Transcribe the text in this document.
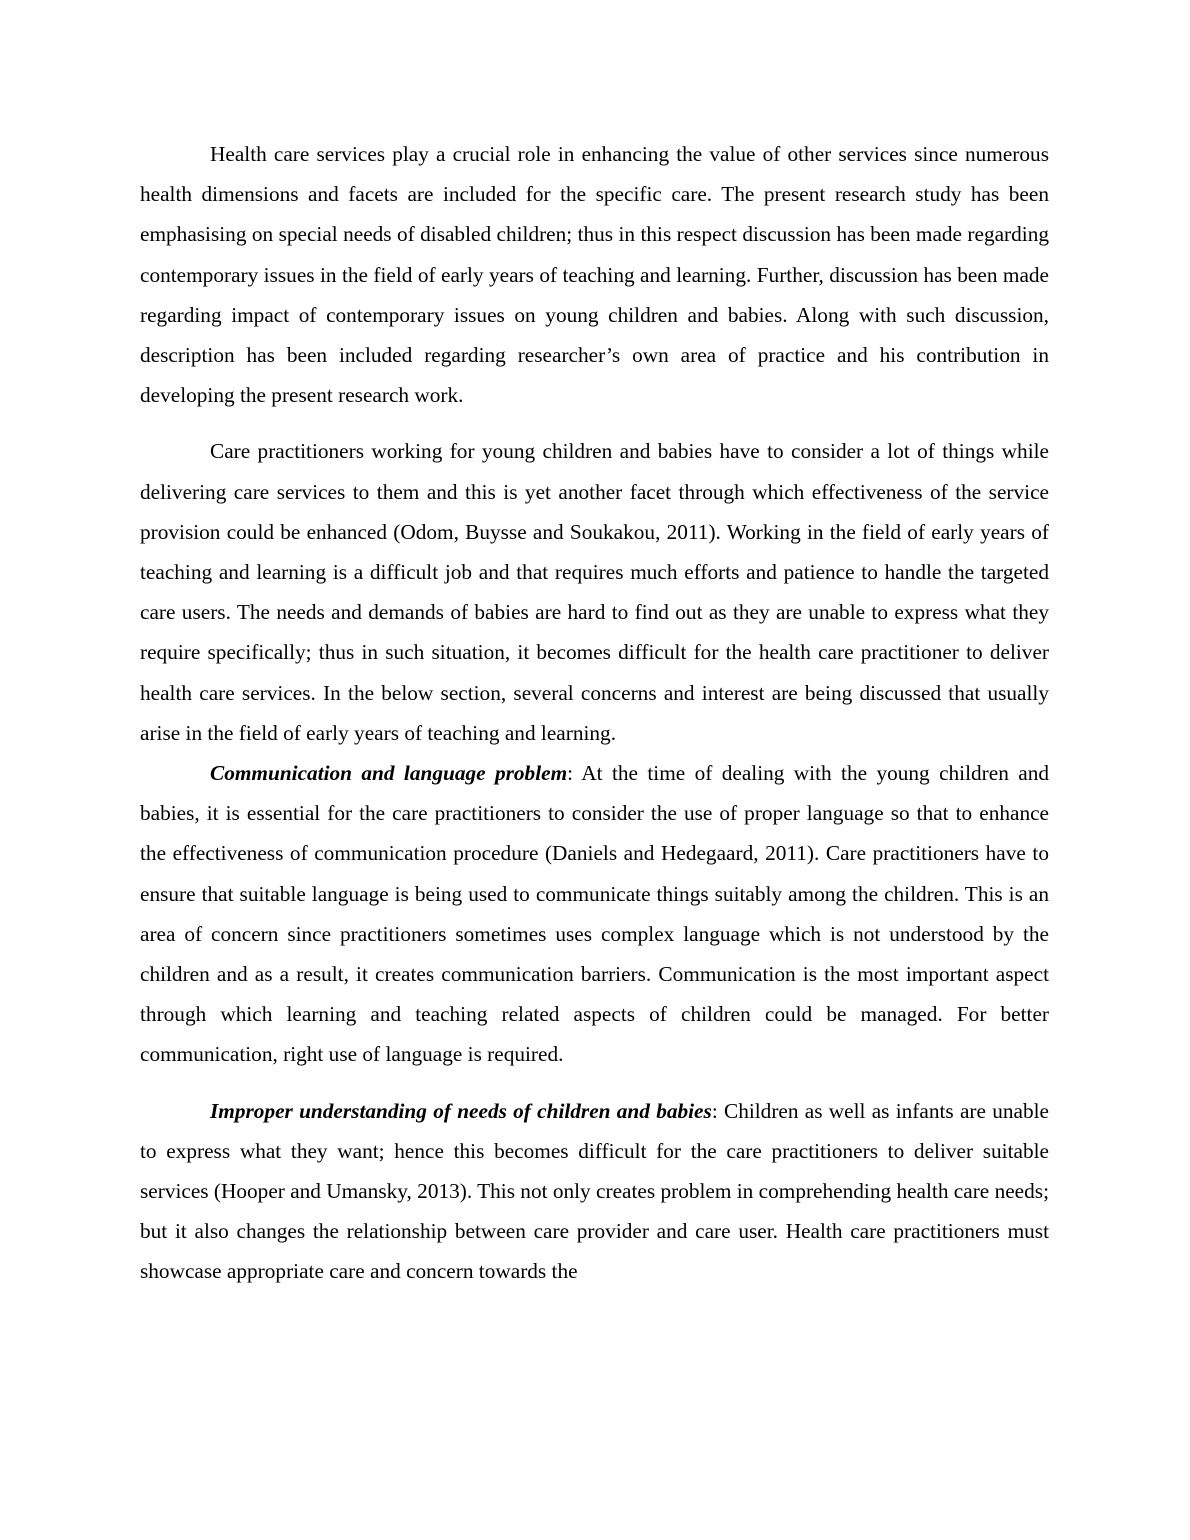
Health care services play a crucial role in enhancing the value of other services since numerous health dimensions and facets are included for the specific care. The present research study has been emphasising on special needs of disabled children; thus in this respect discussion has been made regarding contemporary issues in the field of early years of teaching and learning. Further, discussion has been made regarding impact of contemporary issues on young children and babies. Along with such discussion, description has been included regarding researcher’s own area of practice and his contribution in developing the present research work.

Care practitioners working for young children and babies have to consider a lot of things while delivering care services to them and this is yet another facet through which effectiveness of the service provision could be enhanced (Odom, Buysse and Soukakou, 2011). Working in the field of early years of teaching and learning is a difficult job and that requires much efforts and patience to handle the targeted care users. The needs and demands of babies are hard to find out as they are unable to express what they require specifically; thus in such situation, it becomes difficult for the health care practitioner to deliver health care services. In the below section, several concerns and interest are being discussed that usually arise in the field of early years of teaching and learning.

Communication and language problem: At the time of dealing with the young children and babies, it is essential for the care practitioners to consider the use of proper language so that to enhance the effectiveness of communication procedure (Daniels and Hedegaard, 2011). Care practitioners have to ensure that suitable language is being used to communicate things suitably among the children. This is an area of concern since practitioners sometimes uses complex language which is not understood by the children and as a result, it creates communication barriers. Communication is the most important aspect through which learning and teaching related aspects of children could be managed. For better communication, right use of language is required.

Improper understanding of needs of children and babies: Children as well as infants are unable to express what they want; hence this becomes difficult for the care practitioners to deliver suitable services (Hooper and Umansky, 2013). This not only creates problem in comprehending health care needs; but it also changes the relationship between care provider and care user. Health care practitioners must showcase appropriate care and concern towards the
